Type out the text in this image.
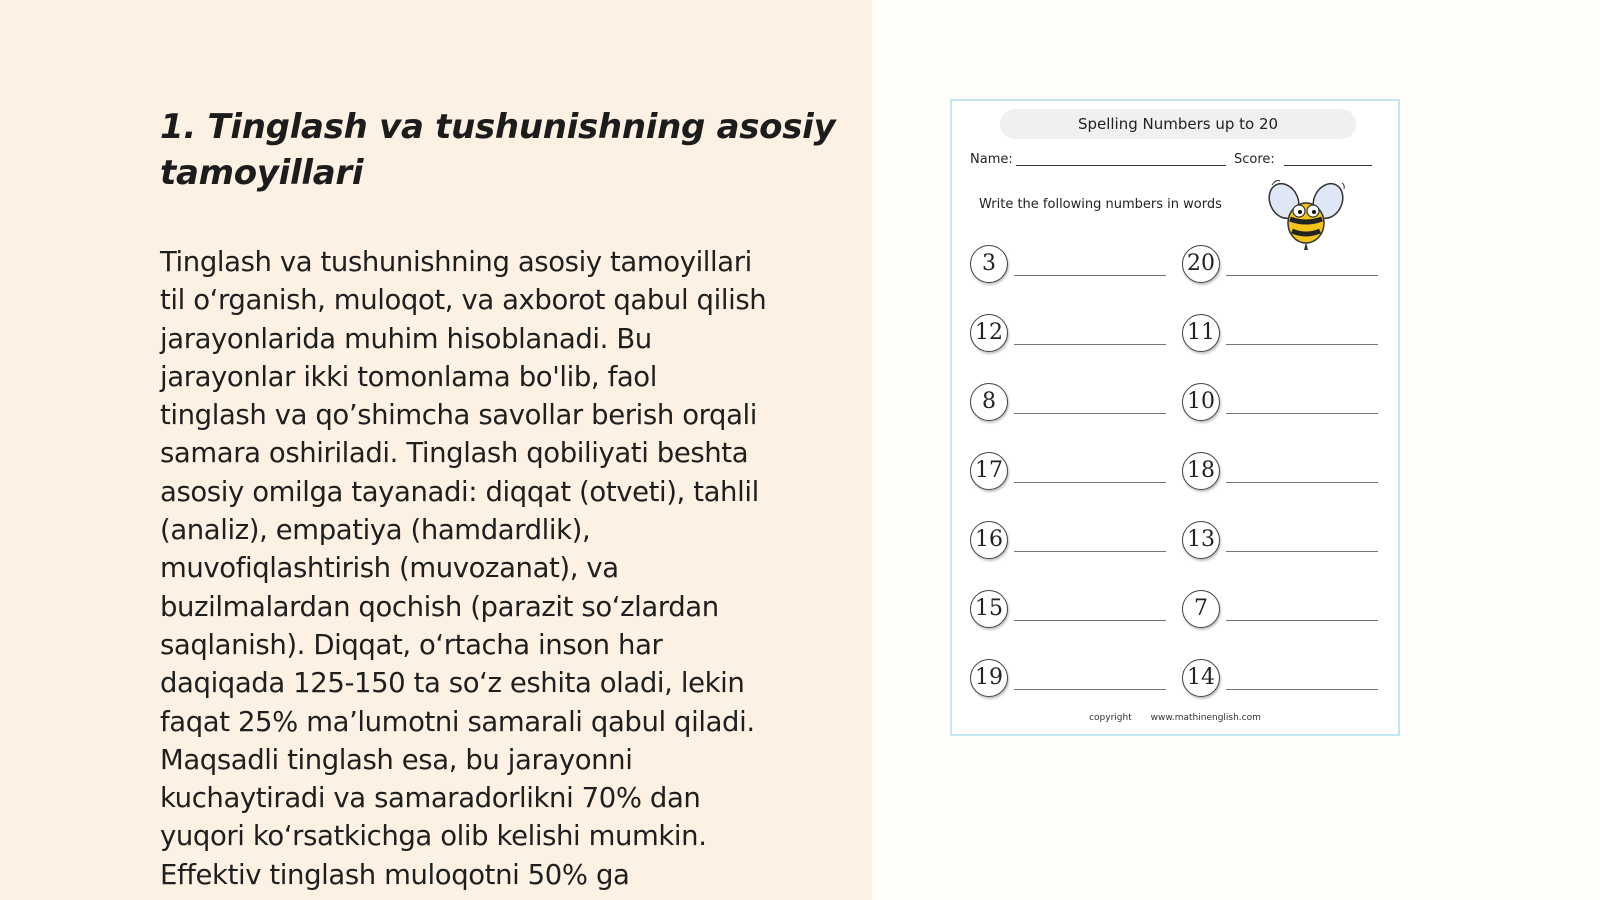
1. Tinglash va tushunishning asosiy tamoyillari

Tinglash va tushunishning asosiy tamoyillari
til o‘rganish, muloqot, va axborot qabul qilish
jarayonlarida muhim hisoblanadi. Bu
jarayonlar ikki tomonlama bo'lib, faol
tinglash va qo’shimcha savollar berish orqali
samara oshiriladi. Tinglash qobiliyati beshta
asosiy omilga tayanadi: diqqat (otveti), tahlil
(analiz), empatiya (hamdardlik),
muvofiqlashtirish (muvozanat), va
buzilmalardan qochish (parazit so‘zlardan
saqlanish). Diqqat, o‘rtacha inson har
daqiqada 125-150 ta so‘z eshita oladi, lekin
faqat 25% ma’lumotni samarali qabul qiladi.
Maqsadli tinglash esa, bu jarayonni
kuchaytiradi va samaradorlikni 70% dan
yuqori ko‘rsatkichga olib kelishi mumkin.
Effektiv tinglash muloqotni 50% ga

Spelling Numbers up to 20
Name:	Score:
Write the following numbers in words
3
12
8
17
16
15
19
20
11
10
18
13
7
14
copyright www.mathinenglish.com
